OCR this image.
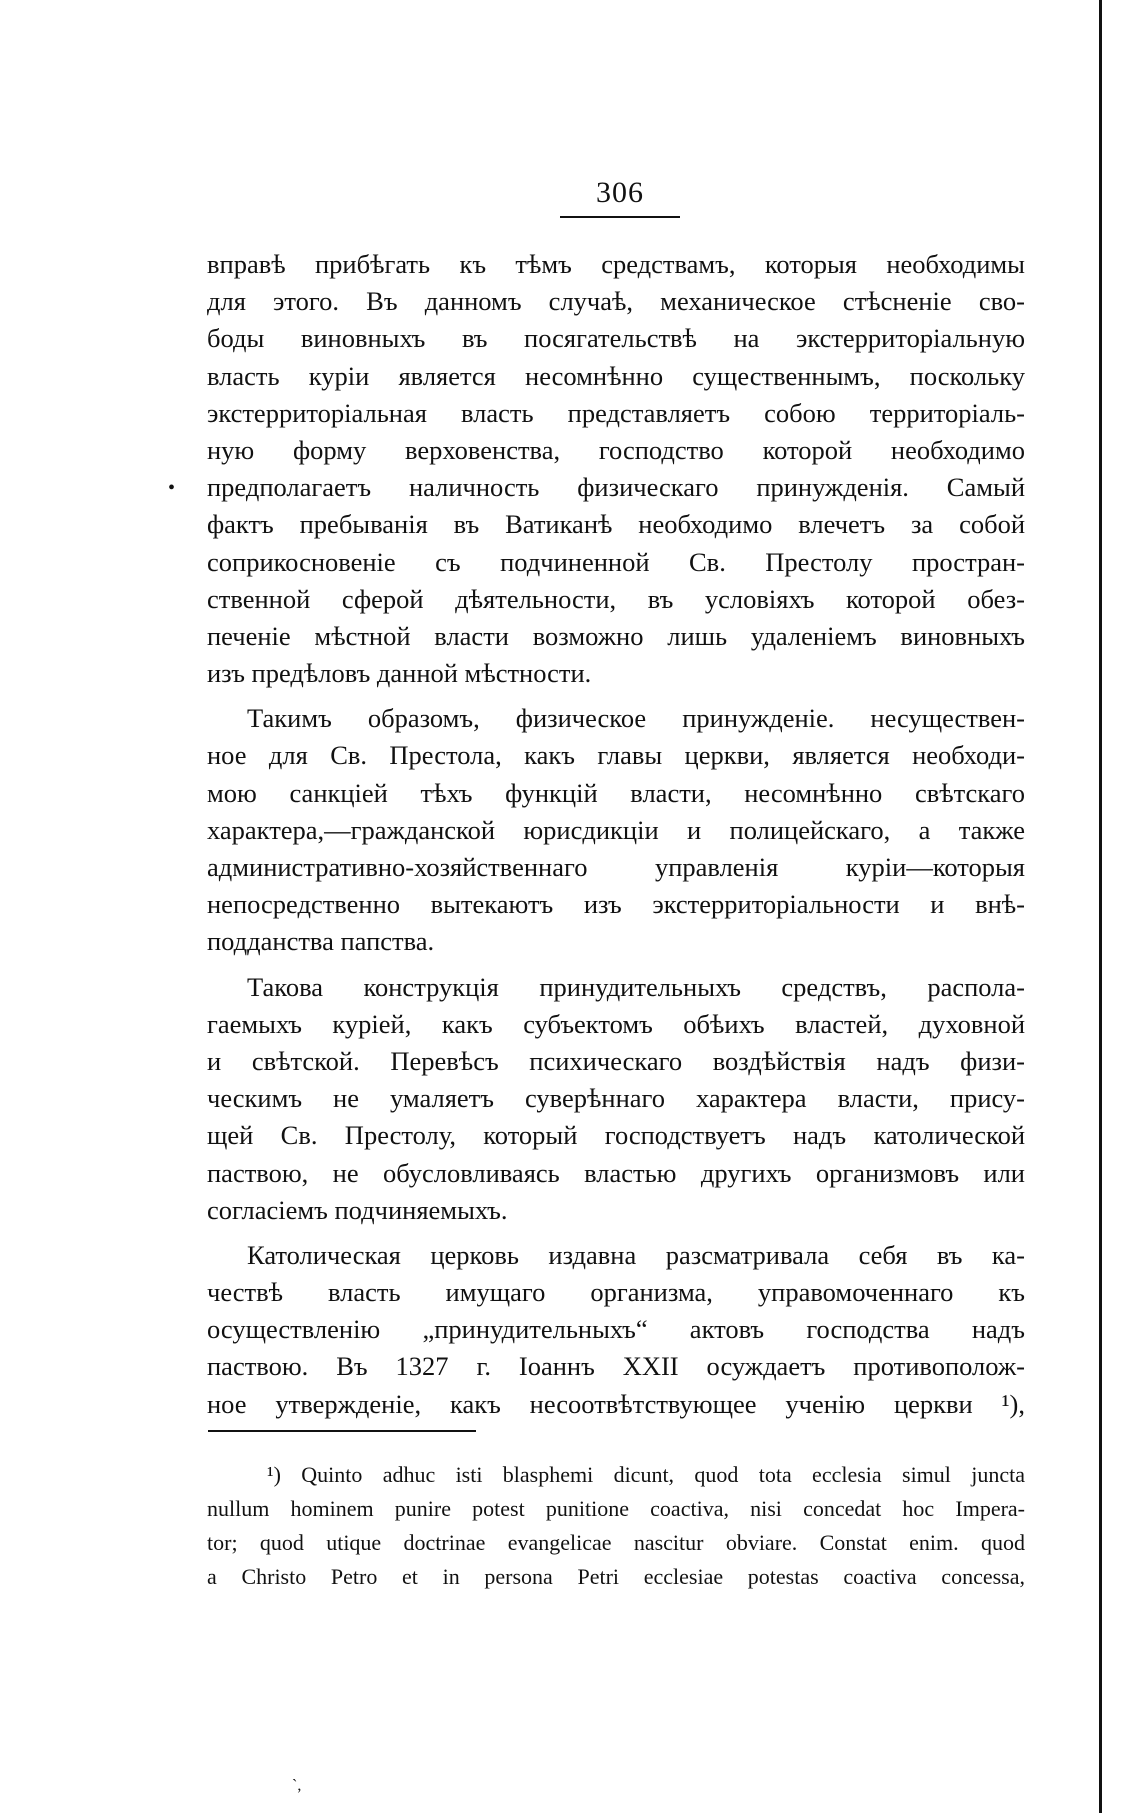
306
•
вправѣ прибѣгать къ тѣмъ средствамъ, которыя необходимы
для этого. Въ данномъ случаѣ, механическое стѣсненіе сво-
боды виновныхъ въ посягательствѣ на экстерриторіальную
власть куріи является несомнѣнно существеннымъ, поскольку
экстерриторіальная власть представляетъ собою территоріаль-
ную форму верховенства, господство которой необходимо
предполагаетъ наличность физическаго принужденія. Самый
фактъ пребыванія въ Ватиканѣ необходимо влечетъ за собой
соприкосновеніе съ подчиненной Св. Престолу простран-
ственной сферой дѣятельности, въ условіяхъ которой обез-
печеніе мѣстной власти возможно лишь удаленіемъ виновныхъ
изъ предѣловъ данной мѣстности.
Такимъ образомъ, физическое принужденіе. несуществен-
ное для Св. Престола, какъ главы церкви, является необходи-
мою санкціей тѣхъ функцій власти, несомнѣнно свѣтскаго
характера,—гражданской юрисдикціи и полицейскаго, а также
административно-хозяйственнаго управленія куріи—которыя
непосредственно вытекаютъ изъ экстерриторіальности и внѣ-
подданства папства.
Такова конструкція принудительныхъ средствъ, распола-
гаемыхъ куріей, какъ субъектомъ обѣихъ властей, духовной
и свѣтской. Перевѣсъ психическаго воздѣйствія надъ физи-
ческимъ не умаляетъ суверѣннаго характера власти, прису-
щей Св. Престолу, который господствуетъ надъ католической
паствою, не обусловливаясь властью другихъ организмовъ или
согласіемъ подчиняемыхъ.
Католическая церковь издавна разсматривала себя въ ка-
чествѣ власть имущаго организма, управомоченнаго къ
осуществленію „принудительныхъ“ актовъ господства надъ
паствою. Въ 1327 г. Іоаннъ XXII осуждаетъ противополож-
ное утвержденіе, какъ несоотвѣтствующее ученію церкви ¹),
¹) Quinto adhuc isti blasphemi dicunt, quod tota ecclesia simul juncta
nullum hominem punire potest punitione coactiva, nisi concedat hoc Impera-
tor; quod utique doctrinae evangelicae nascitur obviare. Constat enim. quod
a Christo Petro et in persona Petri ecclesiae potestas coactiva concessa,
`,
